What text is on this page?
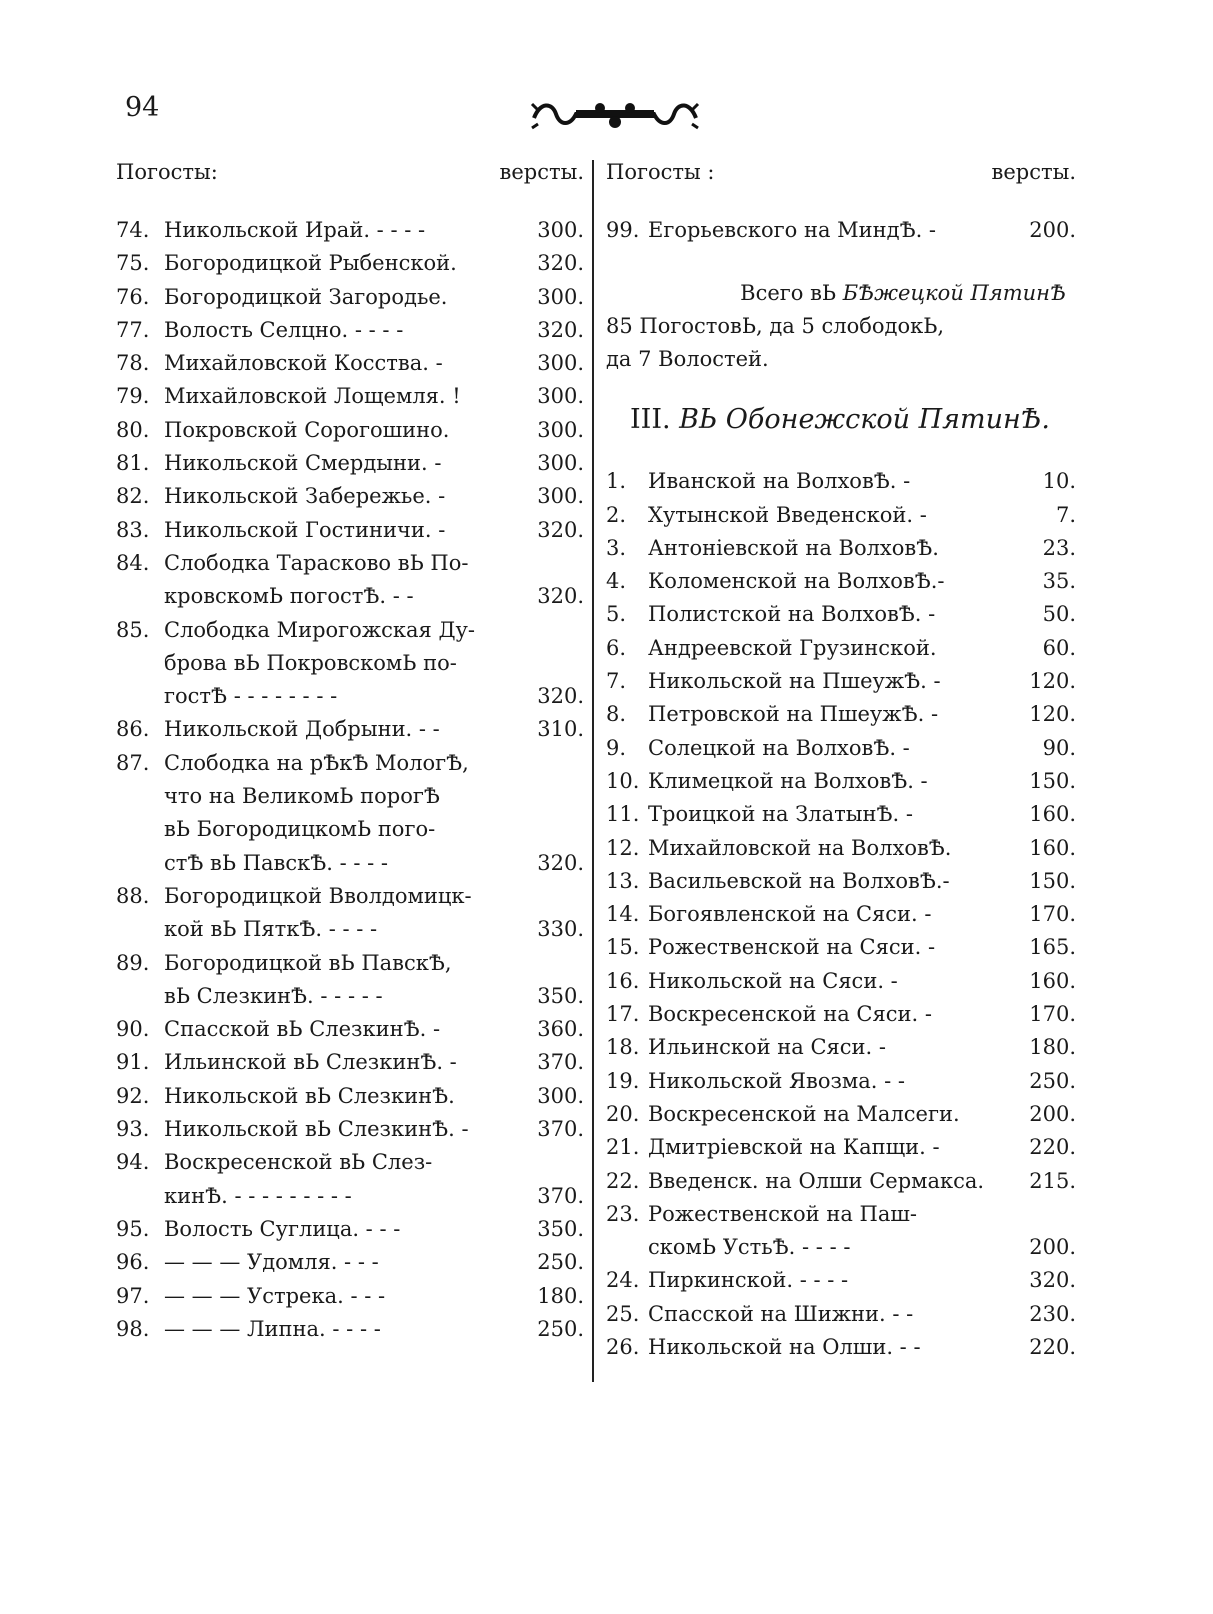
94
Погосты:	версты.
74. Никольской Ирай. - - - -	300.
75. Богородицкой Рыбенской.	320.
76. Богородицкой Загородье.	300.
77. Волость Селцно. - - - -	320.
78. Михайловской Косства. -	300.
79. Михайловской Лощемля. !	300.
80. Покровской Сорогошино.	300.
81. Никольской Смердыни. -	300.
82. Никольской Забережье. -	300.
83. Никольской Гостиничи. -	320.
84. Слободка Тараскoво вЬ По-
кровскомЬ погостѢ. - -	320.
85. Слободка Мирогожская Ду-
брова вЬ ПокровскомЬ по-
гостѢ - - - - - - - -	320.
86. Никольской Добрыни. - -	310.
87. Слободка на рѢкѢ МологѢ,
что на ВеликомЬ порогѢ
вЬ БогородицкомЬ пого-
стѢ вЬ ПавскѢ. - - - -	320.
88. Богородицкой Вволдомицк-
кой вЬ ПяткѢ. - - - -	330.
89. Богородицкой вЬ ПавскѢ,
вЬ СлезкинѢ. - - - - -	350.
90. Спасской вЬ СлезкинѢ. -	360.
91. Ильинской вЬ СлезкинѢ. -	370.
92. Никольской вЬ СлезкинѢ.	300.
93. Никольской вЬ СлезкинѢ. -	370.
94. Воскресенской вЬ Слез-
кинѢ. - - - - - - - - -	370.
95. Волость Суглица. - - -	350.
96. — — — Удомля. - - -	250.
97. — — — Устрека. - - -	180.
98. — — — Липна. - - - -	250.
Погосты :	версты.
99. Егорьевского на МиндѢ. -	200.
Всего вЬ БѢжецкой ПятинѢ
85 ПогостовЬ, да 5 слободокЬ,
да 7 Волостей.
III. ВЬ Обонежской ПятинѢ.
1.	Иванской на ВолховѢ. -	10.
2.	Хутынской Введенской. -	7.
3.	Антоніевской на ВолховѢ.	23.
4.	Коломенской на ВолховѢ.-	35.
5.	Полистской на ВолховѢ. -	50.
6.	Андреевской Грузинской.	60.
7.	Никольской на ПшеужѢ. -	120.
8.	Петровской на ПшеужѢ. -	120.
9.	Солецкой на ВолховѢ. -	90.
10. Климецкой на ВолховѢ. -	150.
11. Троицкой на ЗлатынѢ. -	160.
12. Михайловской на ВолховѢ.	160.
13. Васильевской на ВолховѢ.-	150.
14. Богоявленской на Сяси. -	170.
15. Рожественской на Сяси. -	165.
16. Никольской на Сяси. -	160.
17. Воскресенской на Сяси. -	170.
18. Ильинской на Сяси. -	180.
19. Никольской Явозма. - -	250.
20. Воскресенской на Малсеги.	200.
21. Дмитріевской на Капщи. -	220.
22. Введенск. на Олши Сермакса.	215.
23. Рожественской на Паш-
скомЬ УстьѢ. - - - -	200.
24. Пиркинской. - - - -	320.
25. Спасской на Шижни. - -	230.
26. Никольской на Олши. - -	220.
